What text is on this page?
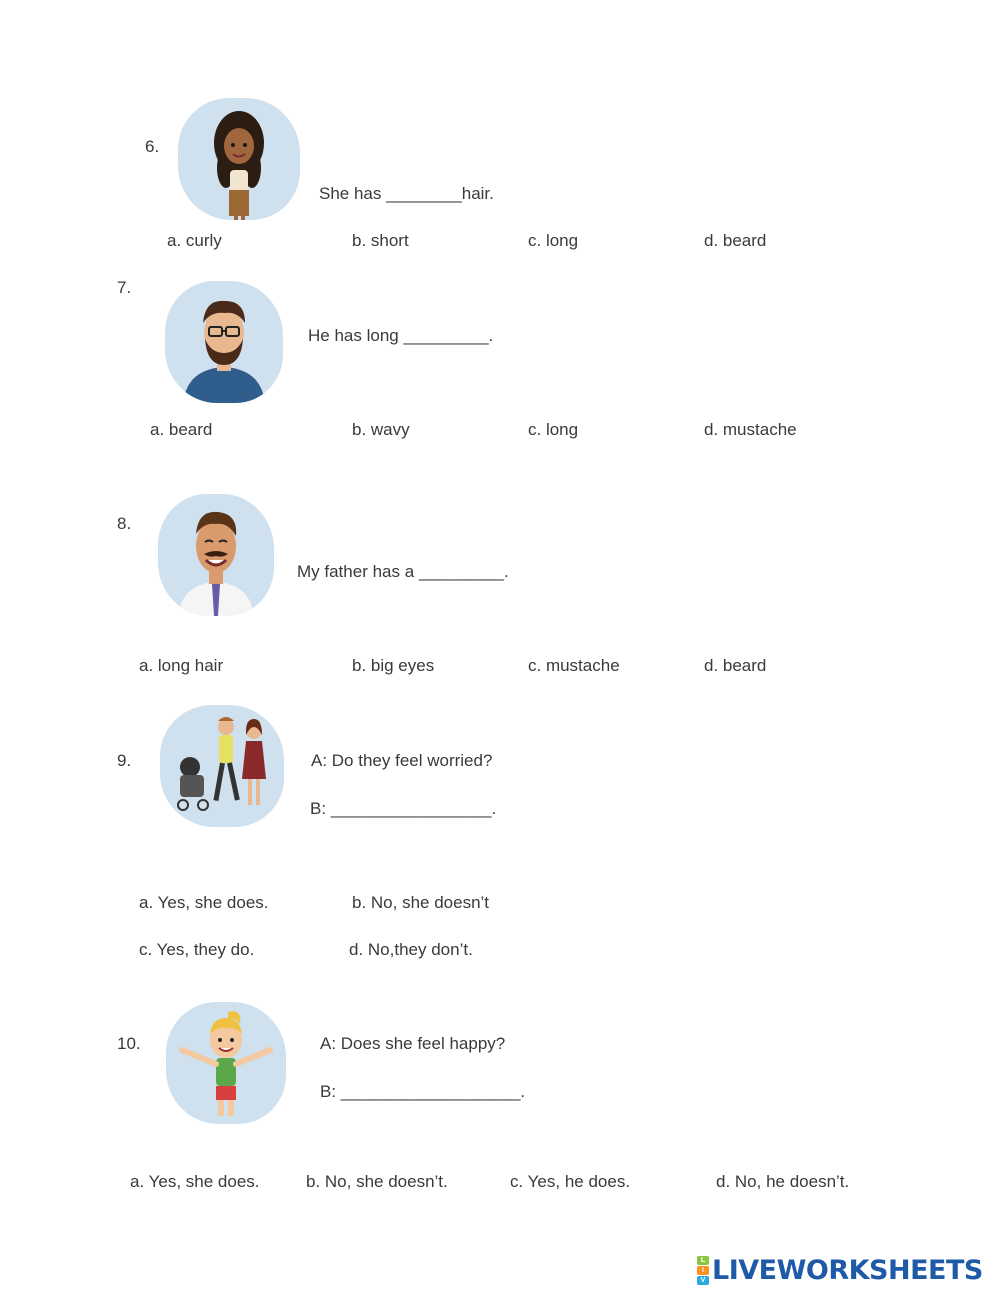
6.
She has ________hair.
a. curly	b. short	c. long	d. beard
7.
He has long _________.
a. beard	b. wavy	c. long	d. mustache
8.
My father has a _________.
a. long hair	b. big eyes	c. mustache	d. beard
9.	A: Do they feel worried?
B: _________________.
a. Yes, she does.	b. No, she doesn’t
c. Yes, they do.	d. No,they don’t.
10.	A: Does she feel happy?
B: ___________________.
a. Yes, she does.	b. No, she doesn’t.	c. Yes, he does.	d. No, he doesn’t.
L
I
V LIVEWORKSHEETS
